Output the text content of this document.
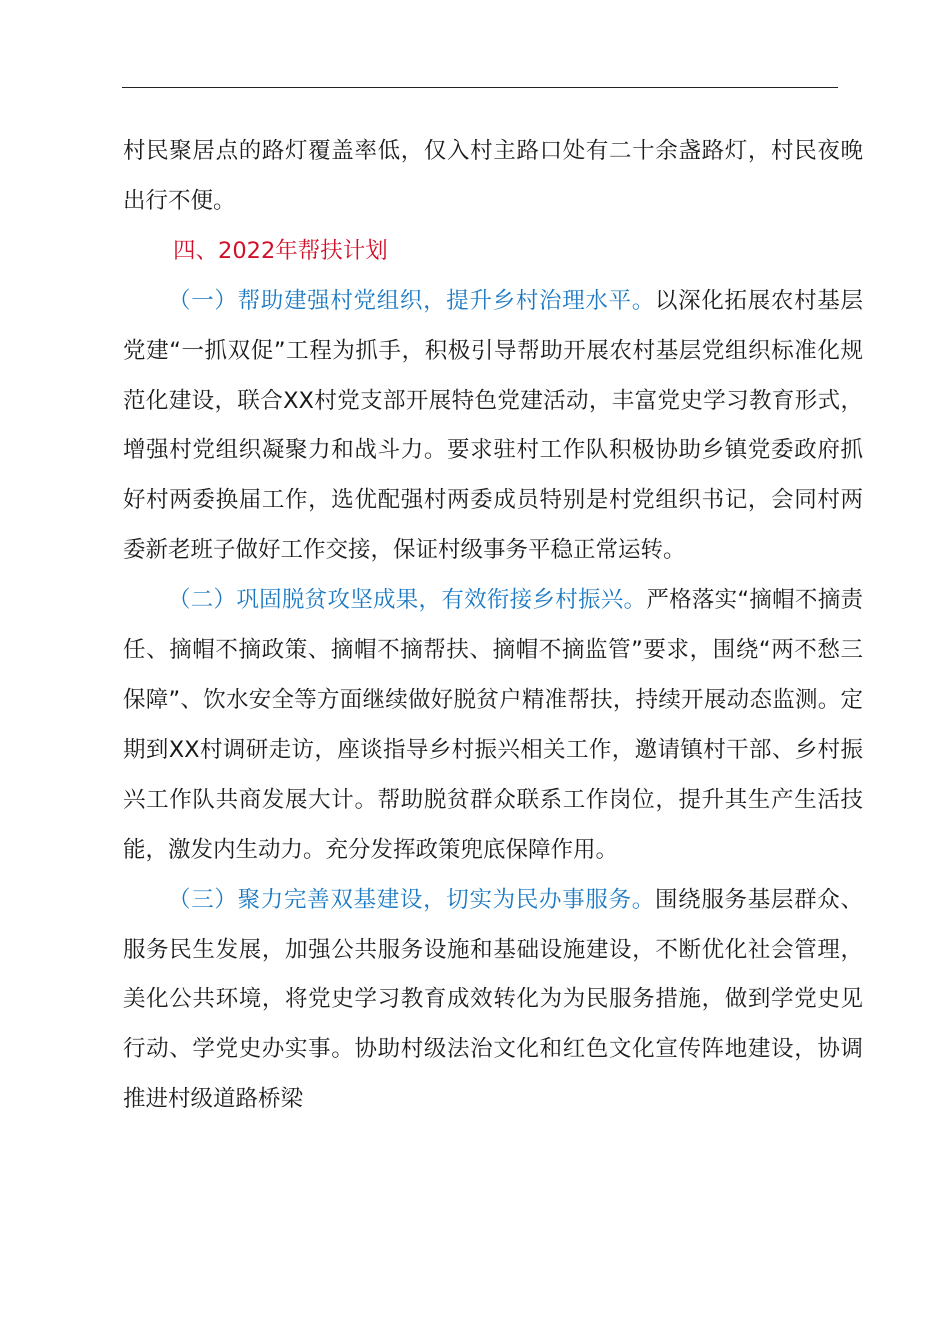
村民聚居点的路灯覆盖率低，仅入村主路口处有二十余盏路灯，村民夜晚出行不便。

四、2022年帮扶计划

（一）帮助建强村党组织，提升乡村治理水平。以深化拓展农村基层党建“一抓双促”工程为抓手，积极引导帮助开展农村基层党组织标准化规范化建设，联合XX村党支部开展特色党建活动，丰富党史学习教育形式，增强村党组织凝聚力和战斗力。要求驻村工作队积极协助乡镇党委政府抓好村两委换届工作，选优配强村两委成员特别是村党组织书记，会同村两委新老班子做好工作交接，保证村级事务平稳正常运转。

（二）巩固脱贫攻坚成果，有效衔接乡村振兴。严格落实“摘帽不摘责任、摘帽不摘政策、摘帽不摘帮扶、摘帽不摘监管”要求，围绕“两不愁三保障”、饮水安全等方面继续做好脱贫户精准帮扶，持续开展动态监测。定期到XX村调研走访，座谈指导乡村振兴相关工作，邀请镇村干部、乡村振兴工作队共商发展大计。帮助脱贫群众联系工作岗位，提升其生产生活技能，激发内生动力。充分发挥政策兜底保障作用。

（三）聚力完善双基建设，切实为民办事服务。围绕服务基层群众、服务民生发展，加强公共服务设施和基础设施建设，不断优化社会管理，美化公共环境，将党史学习教育成效转化为为民服务措施，做到学党史见行动、学党史办实事。协助村级法治文化和红色文化宣传阵地建设，协调推进村级道路桥梁
